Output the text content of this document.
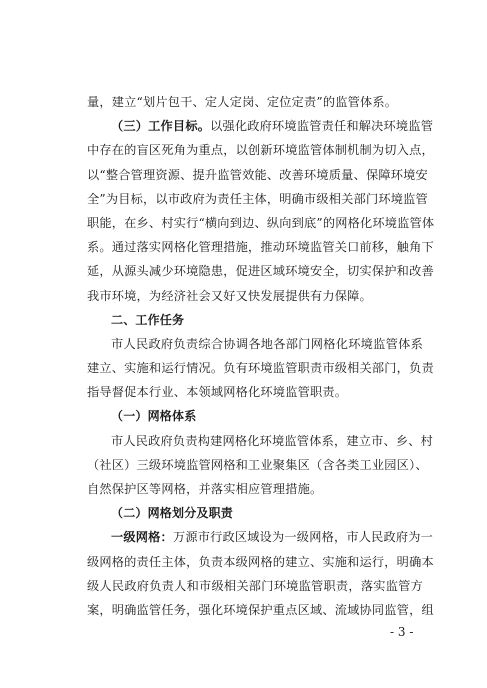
量，建立“划片包干、定人定岗、定位定责”的监管体系。
（三）工作目标。以强化政府环境监管责任和解决环境监管
中存在的盲区死角为重点，以创新环境监管体制机制为切入点，
以“整合管理资源、提升监管效能、改善环境质量、保障环境安
全”为目标，以市政府为责任主体，明确市级相关部门环境监管
职能，在乡、村实行“横向到边、纵向到底”的网格化环境监管体
系。通过落实网格化管理措施，推动环境监管关口前移，触角下
延，从源头减少环境隐患，促进区域环境安全，切实保护和改善
我市环境，为经济社会又好又快发展提供有力保障。
二、工作任务
市人民政府负责综合协调各地各部门网格化环境监管体系
建立、实施和运行情况。负有环境监管职责市级相关部门，负责
指导督促本行业、本领域网格化环境监管职责。
（一）网格体系
市人民政府负责构建网格化环境监管体系，建立市、乡、村
（社区）三级环境监管网格和工业聚集区（含各类工业园区）、
自然保护区等网格，并落实相应管理措施。
（二）网格划分及职责
一级网格：万源市行政区域设为一级网格，市人民政府为一
级网格的责任主体，负责本级网格的建立、实施和运行，明确本
级人民政府负责人和市级相关部门环境监管职责，落实监管方
案，明确监管任务，强化环境保护重点区域、流域协同监管，组
- 3 -
